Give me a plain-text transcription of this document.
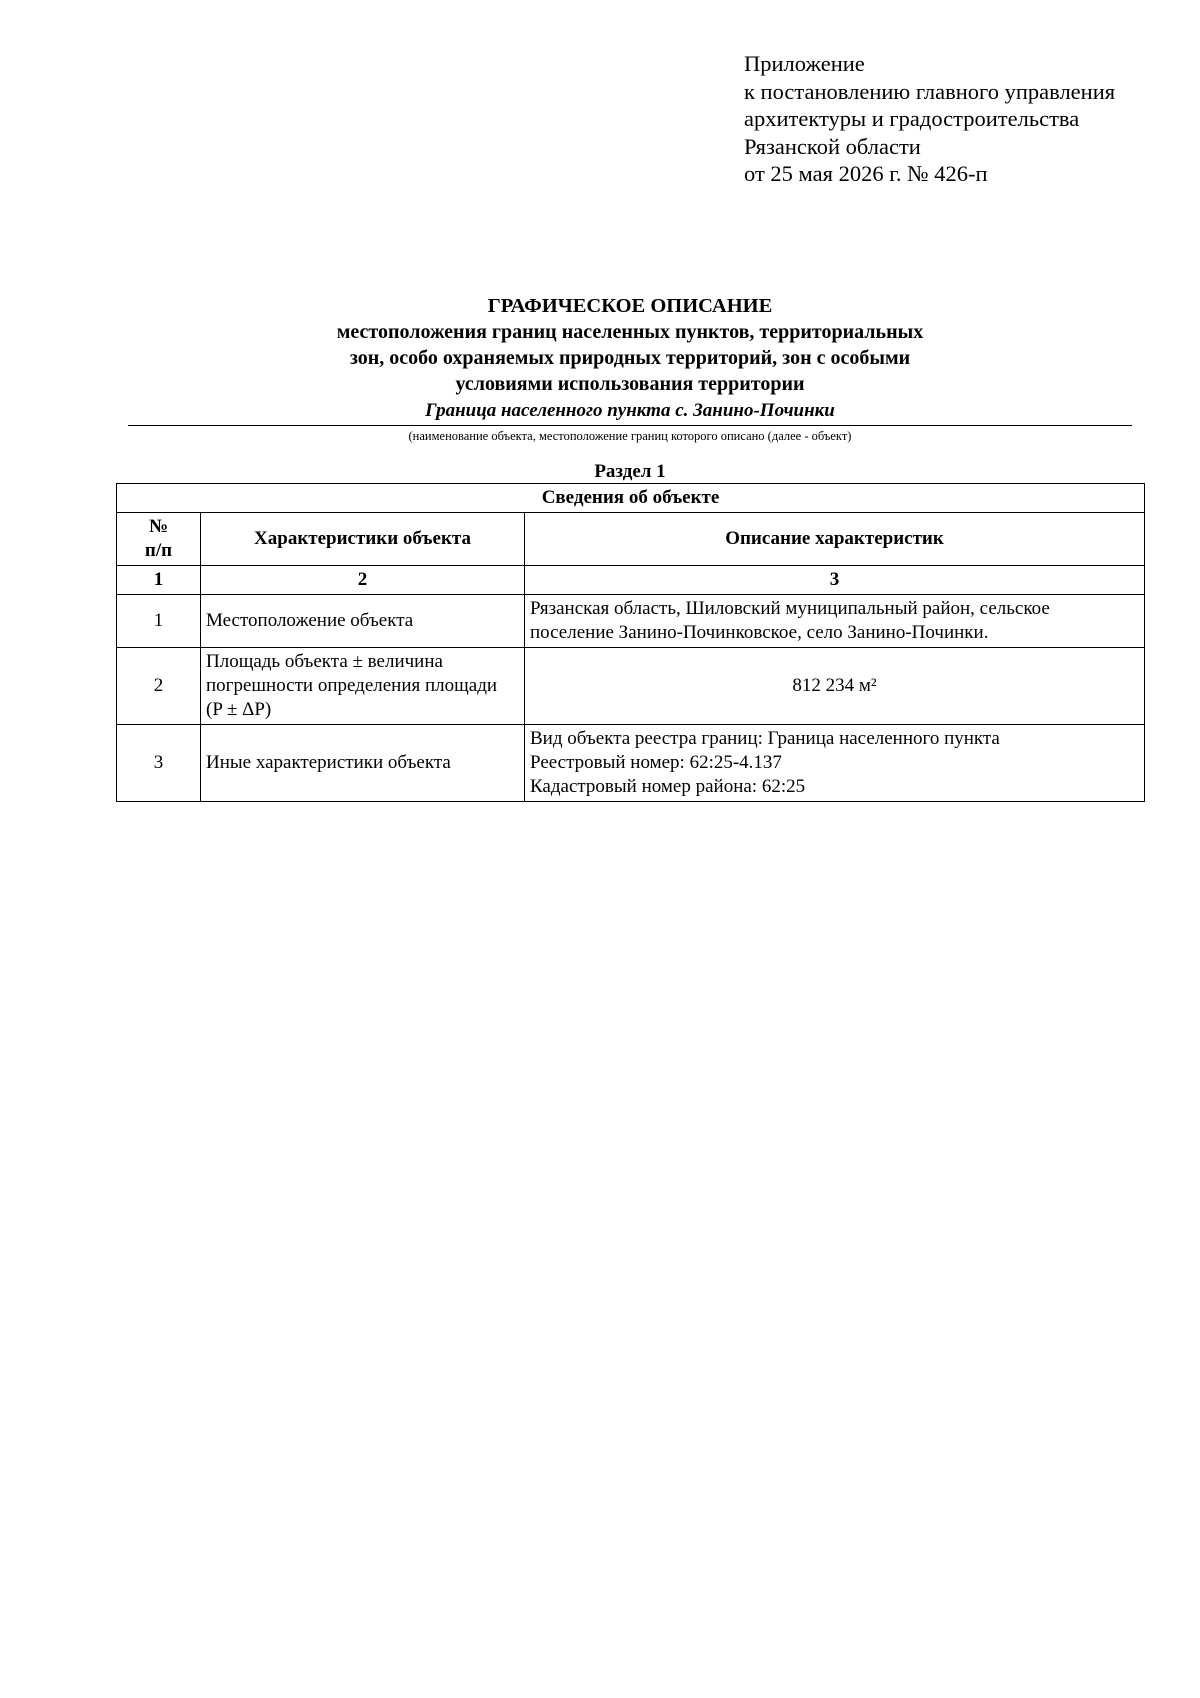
Приложение
к постановлению главного управления
архитектуры и градостроительства
Рязанской области
от 25 мая 2026 г. № 426-п
ГРАФИЧЕСКОЕ ОПИСАНИЕ
местоположения границ населенных пунктов, территориальных
зон, особо охраняемых природных территорий, зон с особыми
условиями использования территории
Граница населенного пункта с. Занино-Починки
(наименование объекта, местоположение границ которого описано (далее - объект)
Раздел 1
Сведения об объекте		
№
п/п	Характеристики объекта	Описание характеристик
1	2	3
1	Местоположение объекта	Рязанская область, Шиловский муниципальный район, сельское
поселение Занино-Починковское, село Занино-Починки.

2	Площадь объекта ± величина
погрешности определения площади
(P ± ΔP)	812 234 м²
3	Иные характеристики объекта	Вид объекта реестра границ: Граница населенного пункта
Реестровый номер: 62:25-4.137
Кадастровый номер района: 62:25
